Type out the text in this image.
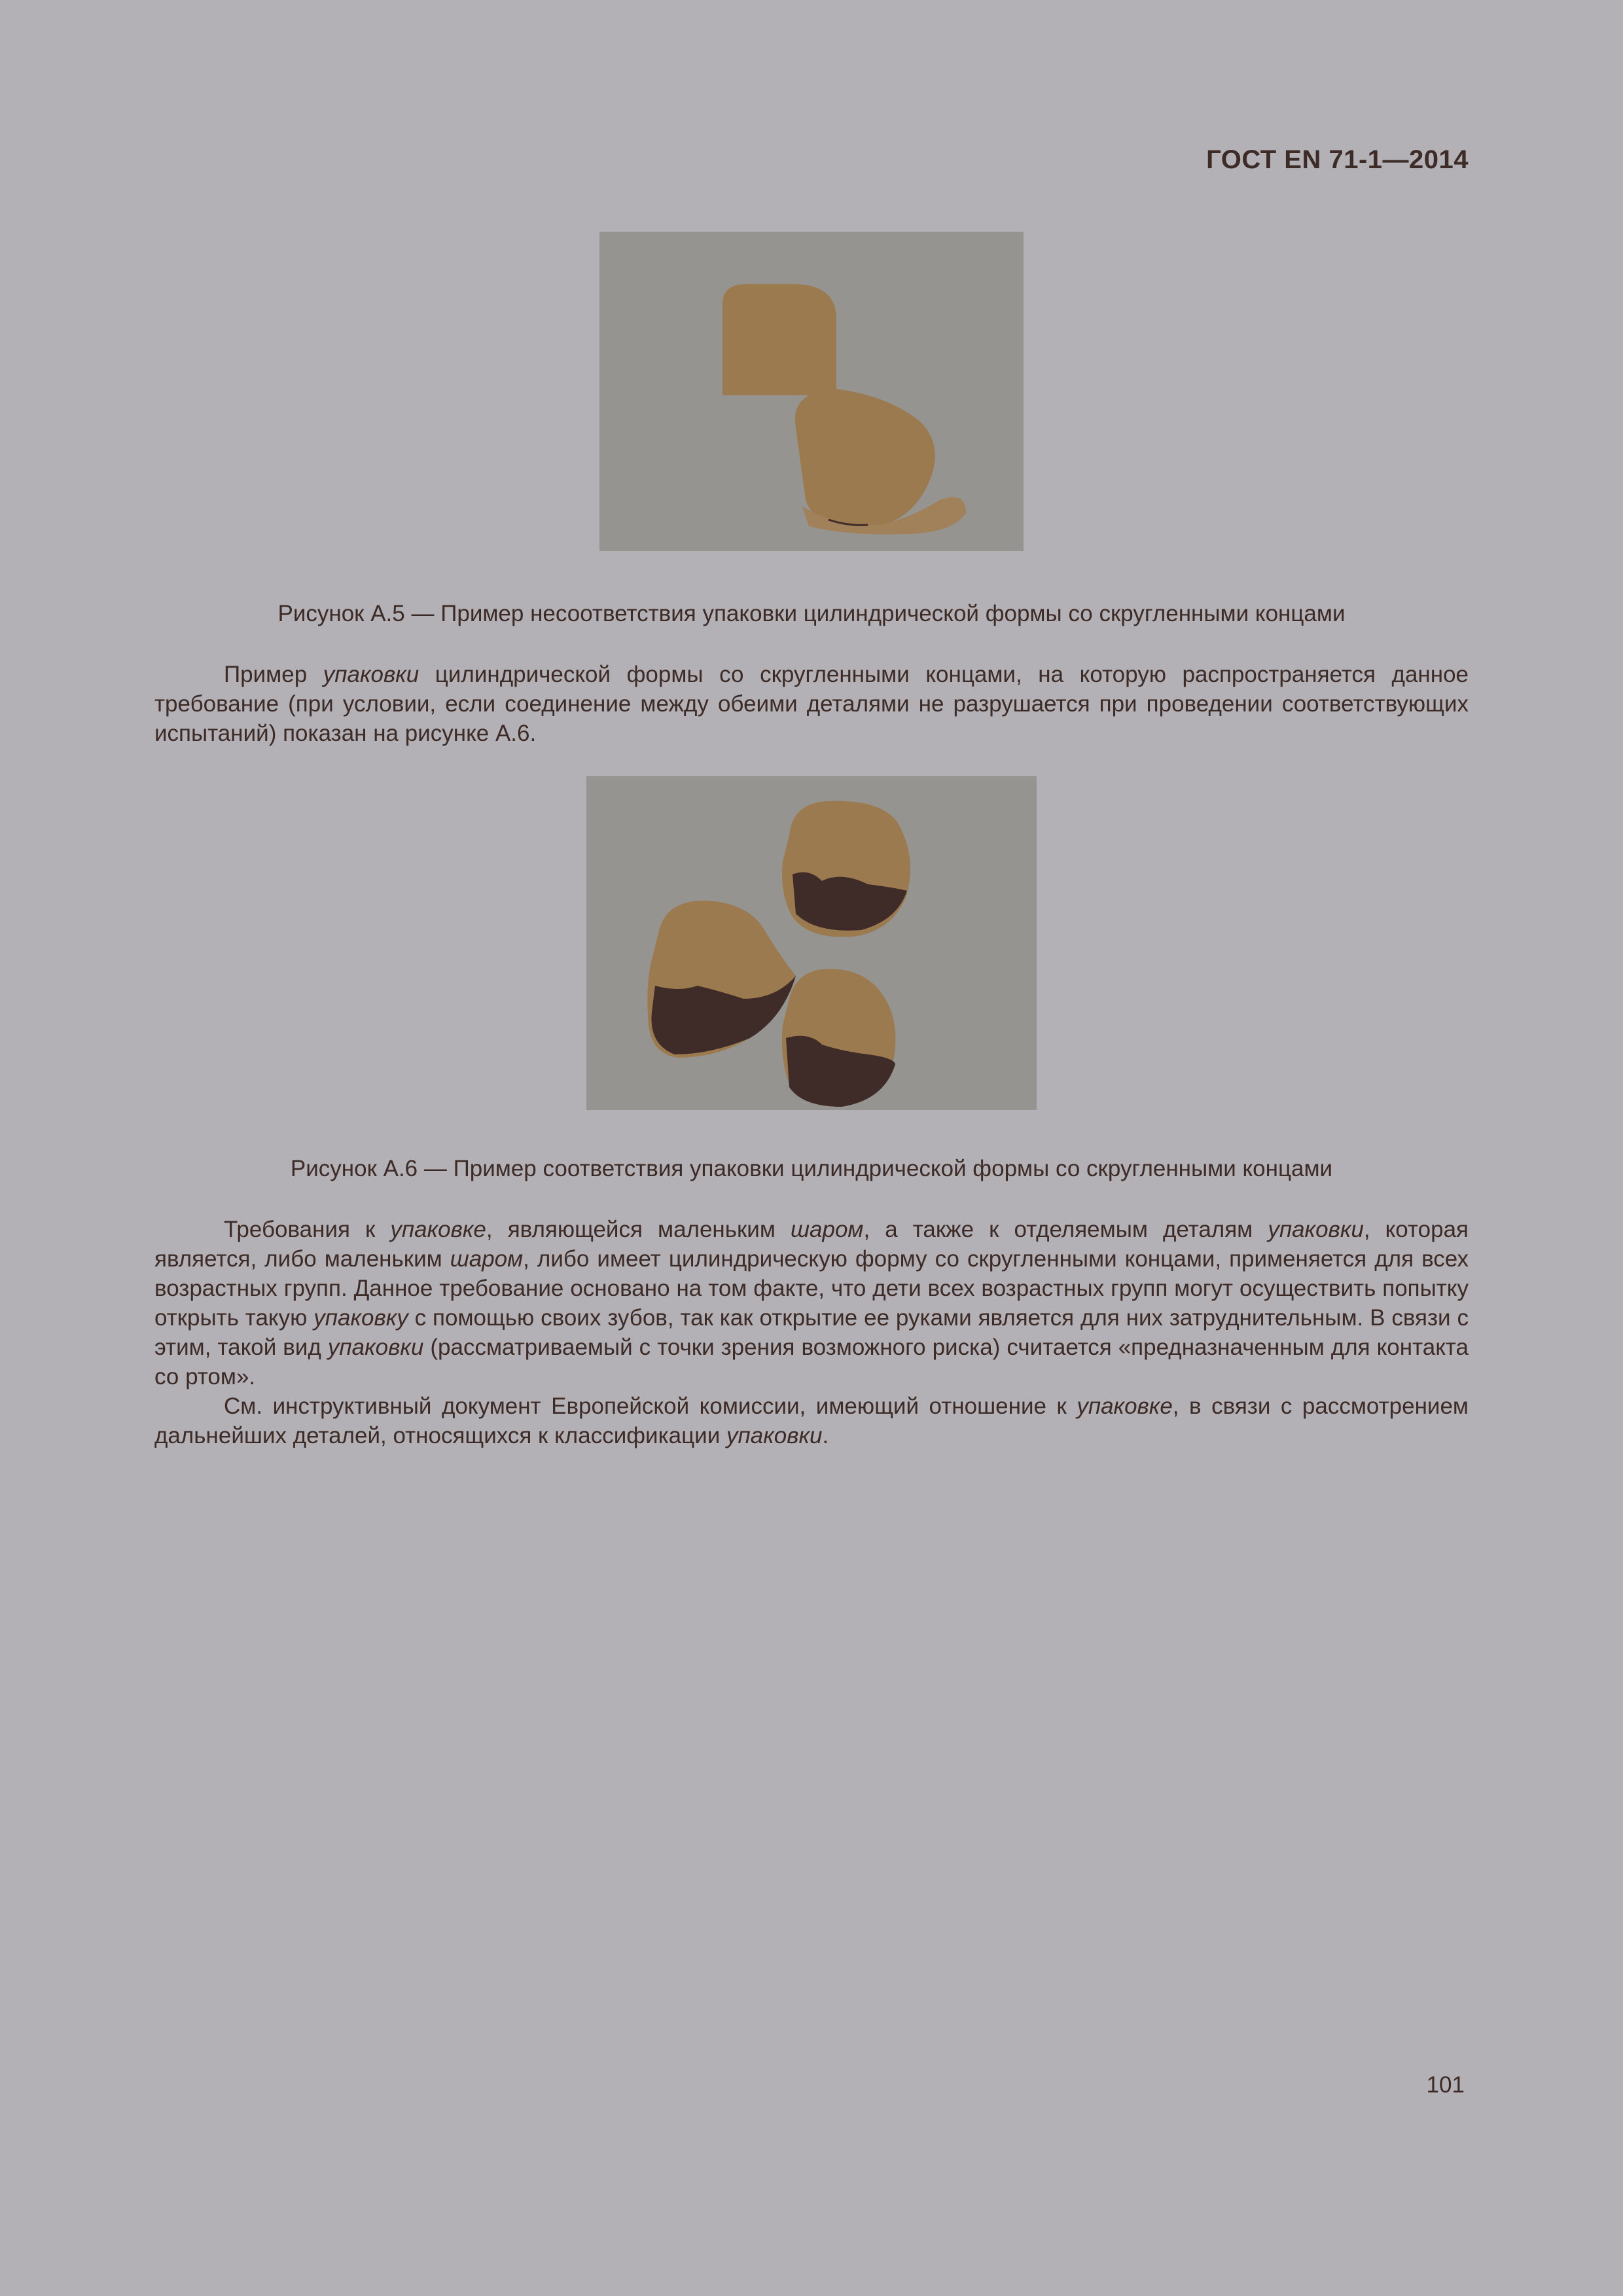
ГОСТ EN 71-1—2014
Рисунок А.5 — Пример несоответствия упаковки цилиндрической формы со скругленными концами

Пример упаковки цилиндрической формы со скругленными концами, на которую распространяется данное требование (при условии, если соединение между обеими деталями не разрушается при проведении соответствующих испытаний) показан на рисунке А.6.

Рисунок А.6 — Пример соответствия упаковки цилиндрической формы со скругленными концами

Требования к упаковке, являющейся маленьким шаром, а также к отделяемым деталям упаковки, которая является, либо маленьким шаром, либо имеет цилиндрическую форму со скругленными концами, применяется для всех возрастных групп. Данное требование основано на том факте, что дети всех возрастных групп могут осуществить попытку открыть такую упаковку с помощью своих зубов, так как открытие ее руками является для них затруднительным. В связи с этим, такой вид упаковки (рассматриваемый с точки зрения возможного риска) считается «предназначенным для контакта со ртом».

См. инструктивный документ Европейской комиссии, имеющий отношение к упаковке, в связи с рассмотрением дальнейших деталей, относящихся к классификации упаковки.

101
